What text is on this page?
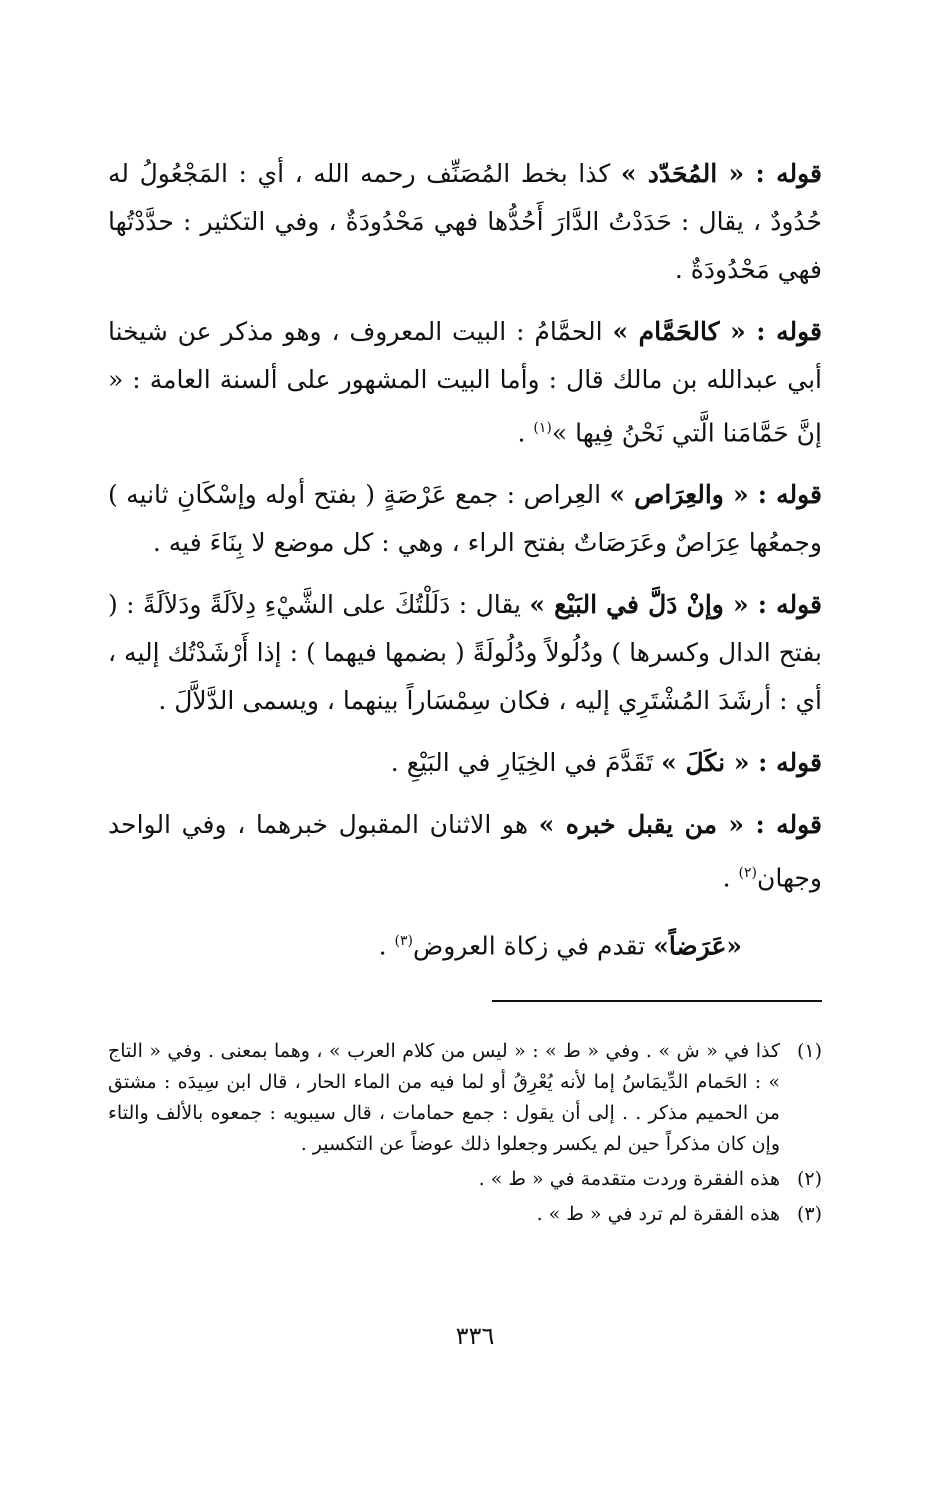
قوله : « المُحَدّد » كذا بخط المُصَنِّف رحمه الله ، أي : المَجْعُولُ له حُدُودٌ ، يقال : حَدَدْتُ الدَّارَ أَحُدُّها فهي مَحْدُودَةٌ ، وفي التكثير : حدَّدْتُها فهي مَحْدُودَةٌ .

قوله : « كالحَمَّام » الحمَّامُ : البيت المعروف ، وهو مذكر عن شيخنا أبي عبدالله بن مالك قال : وأما البيت المشهور على ألسنة العامة : « إنَّ حَمَّامَنا الَّتي نَحْنُ فِيها »$^{(١)}$ .

قوله : « والعِرَاص » العِراص : جمع عَرْصَةٍ ( بفتح أوله وإسْكَانِ ثانيه ) وجمعُها عِرَاصٌ وعَرَصَاتٌ بفتح الراء ، وهي : كل موضع لا بِنَاءَ فيه .

قوله : « وإنْ دَلَّ في البَيْع » يقال : دَلَلْتُكَ على الشَّيْءِ دِلاَلَةً ودَلاَلَةً : ( بفتح الدال وكسرها ) ودُلُولاً ودُلُولَةً ( بضمها فيهما ) : إذا أَرْشَدْتُك إليه ، أي : أرشَدَ المُشْتَرِي إليه ، فكان سِمْسَاراً بينهما ، ويسمى الدَّلاَّلَ .

قوله : « نكَلَ » تَقَدَّمَ في الخِيَارِ في البَيْعِ .

قوله : « من يقبل خبره » هو الاثنان المقبول خبرهما ، وفي الواحد وجهان$^{(٢)}$ .

«عَرَضاً» تقدم في زكاة العروض$^{(٣)}$ .

(١)
كذا في « ش » . وفي « ط » : « ليس من كلام العرب » ، وهما بمعنى . وفي « التاج » : الحَمام الدِّيمَاسُ إما لأنه يُعْرِقُ أو لما فيه من الماء الحار ، قال ابن سِيدَه : مشتق من الحميم مذكر . . إلى أن يقول : جمع حمامات ، قال سيبويه : جمعوه بالألف والتاء وإن كان مذكراً حين لم يكسر وجعلوا ذلك عوضاً عن التكسير .
(٢)
هذه الفقرة وردت متقدمة في « ط » .
(٣)
هذه الفقرة لم ترد في « ط » .
٣٣٦
